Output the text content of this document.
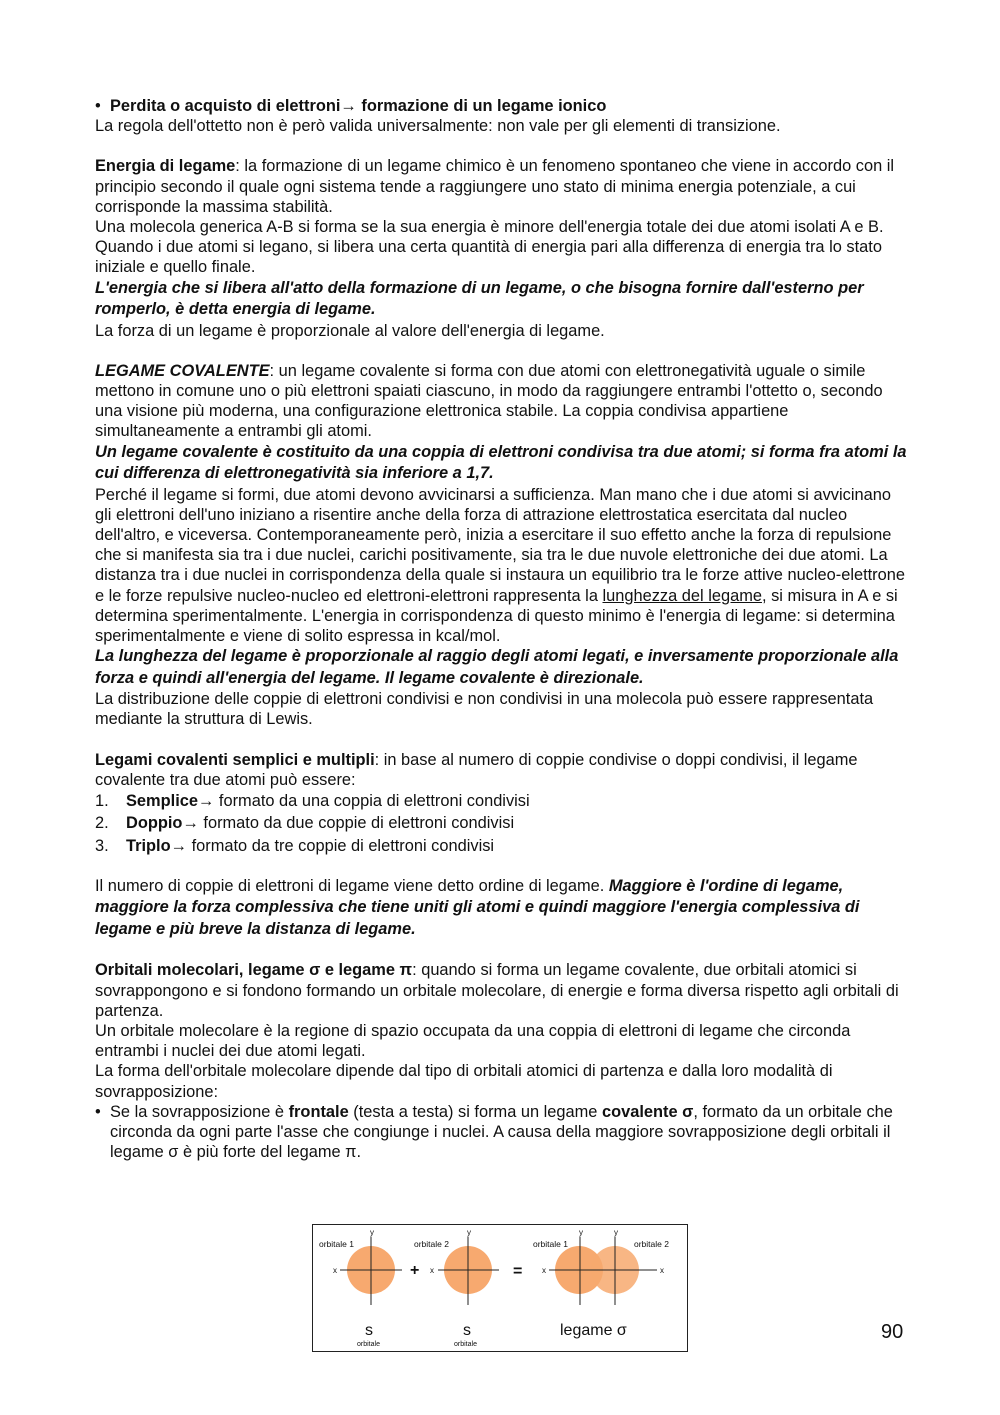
• Perdita o acquisto di elettroni→ formazione di un legame ionico

La regola dell'ottetto non è però valida universalmente: non vale per gli elementi di transizione.

Energia di legame: la formazione di un legame chimico è un fenomeno spontaneo che viene in accordo con il principio secondo il quale ogni sistema tende a raggiungere uno stato di minima energia potenziale, a cui corrisponde la massima stabilità.

Una molecola generica A-B si forma se la sua energia è minore dell'energia totale dei due atomi isolati A e B. Quando i due atomi si legano, si libera una certa quantità di energia pari alla differenza di energia tra lo stato iniziale e quello finale.

L'energia che si libera all'atto della formazione di un legame, o che bisogna fornire dall'esterno per romperlo, è detta energia di legame.

La forza di un legame è proporzionale al valore dell'energia di legame.

LEGAME COVALENTE: un legame covalente si forma con due atomi con elettronegatività uguale o simile mettono in comune uno o più elettroni spaiati ciascuno, in modo da raggiungere entrambi l'ottetto o, secondo una visione più moderna, una configurazione elettronica stabile. La coppia condivisa appartiene simultaneamente a entrambi gli atomi.

Un legame covalente è costituito da una coppia di elettroni condivisa tra due atomi; si forma fra atomi la cui differenza di elettronegatività sia inferiore a 1,7.

Perché il legame si formi, due atomi devono avvicinarsi a sufficienza. Man mano che i due atomi si avvicinano gli elettroni dell'uno iniziano a risentire anche della forza di attrazione elettrostatica esercitata dal nucleo dell'altro, e viceversa. Contemporaneamente però, inizia a esercitare il suo effetto anche la forza di repulsione che si manifesta sia tra i due nuclei, carichi positivamente, sia tra le due nuvole elettroniche dei due atomi. La distanza tra i due nuclei in corrispondenza della quale si instaura un equilibrio tra le forze attive nucleo-elettrone e le forze repulsive nucleo-nucleo ed elettroni-elettroni rappresenta la lunghezza del legame, si misura in A e si determina sperimentalmente. L'energia in corrispondenza di questo minimo è l'energia di legame: si determina sperimentalmente e viene di solito espressa in kcal/mol.

La lunghezza del legame è proporzionale al raggio degli atomi legati, e inversamente proporzionale alla forza e quindi all'energia del legame. Il legame covalente è direzionale.

La distribuzione delle coppie di elettroni condivisi e non condivisi in una molecola può essere rappresentata mediante la struttura di Lewis.

Legami covalenti semplici e multipli: in base al numero di coppie condivise o doppi condivisi, il legame covalente tra due atomi può essere:

1.	Semplice→ formato da una coppia di elettroni condivisi
2.	Doppio→ formato da due coppie di elettroni condivisi
3.	Triplo→ formato da tre coppie di elettroni condivisi

Il numero di coppie di elettroni di legame viene detto ordine di legame. Maggiore è l'ordine di legame, maggiore la forza complessiva che tiene uniti gli atomi e quindi maggiore l'energia complessiva di legame e più breve la distanza di legame.

Orbitali molecolari, legame σ e legame π: quando si forma un legame covalente, due orbitali atomici si sovrappongono e si fondono formando un orbitale molecolare, di energie e forma diversa rispetto agli orbitali di partenza.

Un orbitale molecolare è la regione di spazio occupata da una coppia di elettroni di legame che circonda entrambi i nuclei dei due atomi legati.

La forma dell'orbitale molecolare dipende dal tipo di orbitali atomici di partenza e dalla loro modalità di sovrapposizione:

• Se la sovrapposizione è frontale (testa a testa) si forma un legame covalente σ, formato da un orbitale che circonda da ogni parte l'asse che congiunge i nuclei. A causa della maggiore sovrapposizione degli orbitali il legame σ è più forte del legame π.
orbitale 1
y
x
s
orbitale
+
orbitale 2
y
x
s
orbitale
=
orbitale 1	orbitale 2
y	y
x	x
legame σ	90
